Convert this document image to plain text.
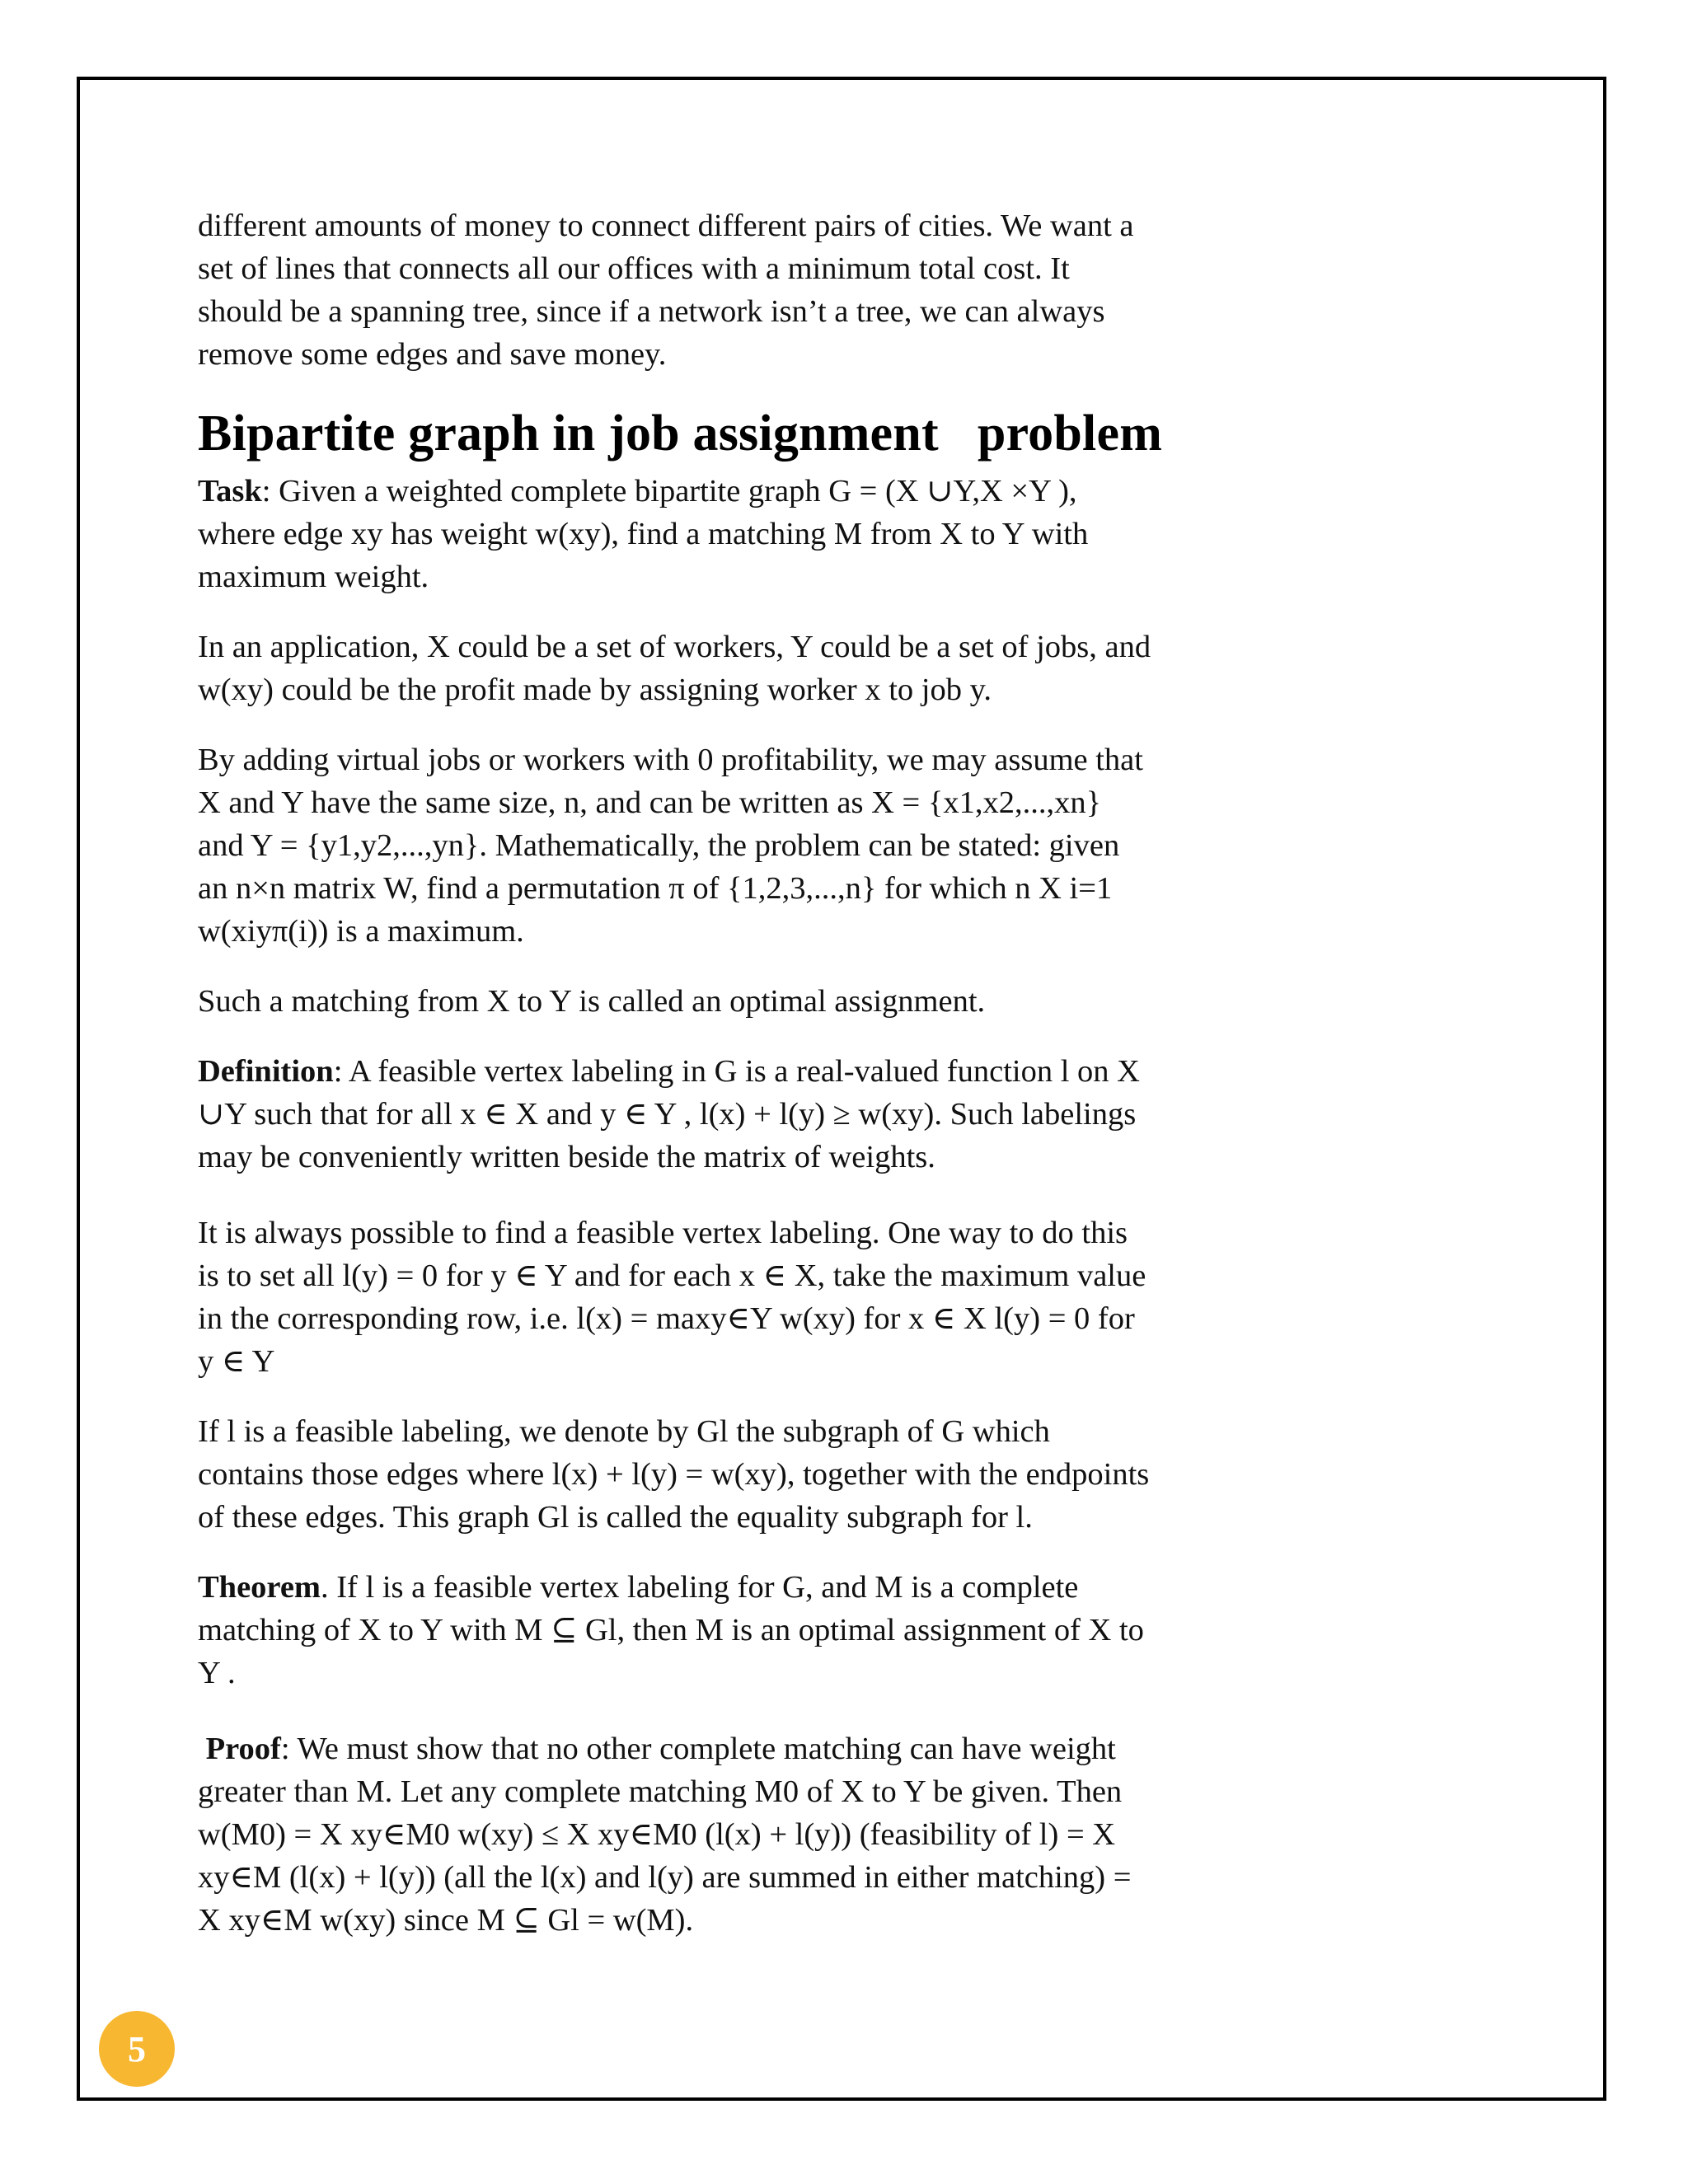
different amounts of money to connect different pairs of cities. We want a
set of lines that connects all our offices with a minimum total cost. It
should be a spanning tree, since if a network isn’t a tree, we can always
remove some edges and save money.

Bipartite graph in job assignment   problem

Task: Given a weighted complete bipartite graph G = (X ∪Y,X ×Y ),
where edge xy has weight w(xy), find a matching M from X to Y with
maximum weight.

In an application, X could be a set of workers, Y could be a set of jobs, and
w(xy) could be the profit made by assigning worker x to job y.

By adding virtual jobs or workers with 0 profitability, we may assume that
X and Y have the same size, n, and can be written as X = {x1,x2,...,xn}
and Y = {y1,y2,...,yn}. Mathematically, the problem can be stated: given
an n×n matrix W, find a permutation π of {1,2,3,...,n} for which n X i=1
w(xiyπ(i)) is a maximum.

Such a matching from X to Y is called an optimal assignment.

Definition: A feasible vertex labeling in G is a real-valued function l on X
∪Y such that for all x ∈ X and y ∈ Y , l(x) + l(y) ≥ w(xy). Such labelings
may be conveniently written beside the matrix of weights.

It is always possible to find a feasible vertex labeling. One way to do this
is to set all l(y) = 0 for y ∈ Y and for each x ∈ X, take the maximum value
in the corresponding row, i.e. l(x) = maxy∈Y w(xy) for x ∈ X l(y) = 0 for
y ∈ Y

If l is a feasible labeling, we denote by Gl the subgraph of G which
contains those edges where l(x) + l(y) = w(xy), together with the endpoints
of these edges. This graph Gl is called the equality subgraph for l.

Theorem. If l is a feasible vertex labeling for G, and M is a complete
matching of X to Y with M ⊆ Gl, then M is an optimal assignment of X to
Y .

Proof: We must show that no other complete matching can have weight
greater than M. Let any complete matching M0 of X to Y be given. Then
w(M0) = X xy∈M0 w(xy) ≤ X xy∈M0 (l(x) + l(y)) (feasibility of l) = X
xy∈M (l(x) + l(y)) (all the l(x) and l(y) are summed in either matching) =
X xy∈M w(xy) since M ⊆ Gl = w(M).

5
